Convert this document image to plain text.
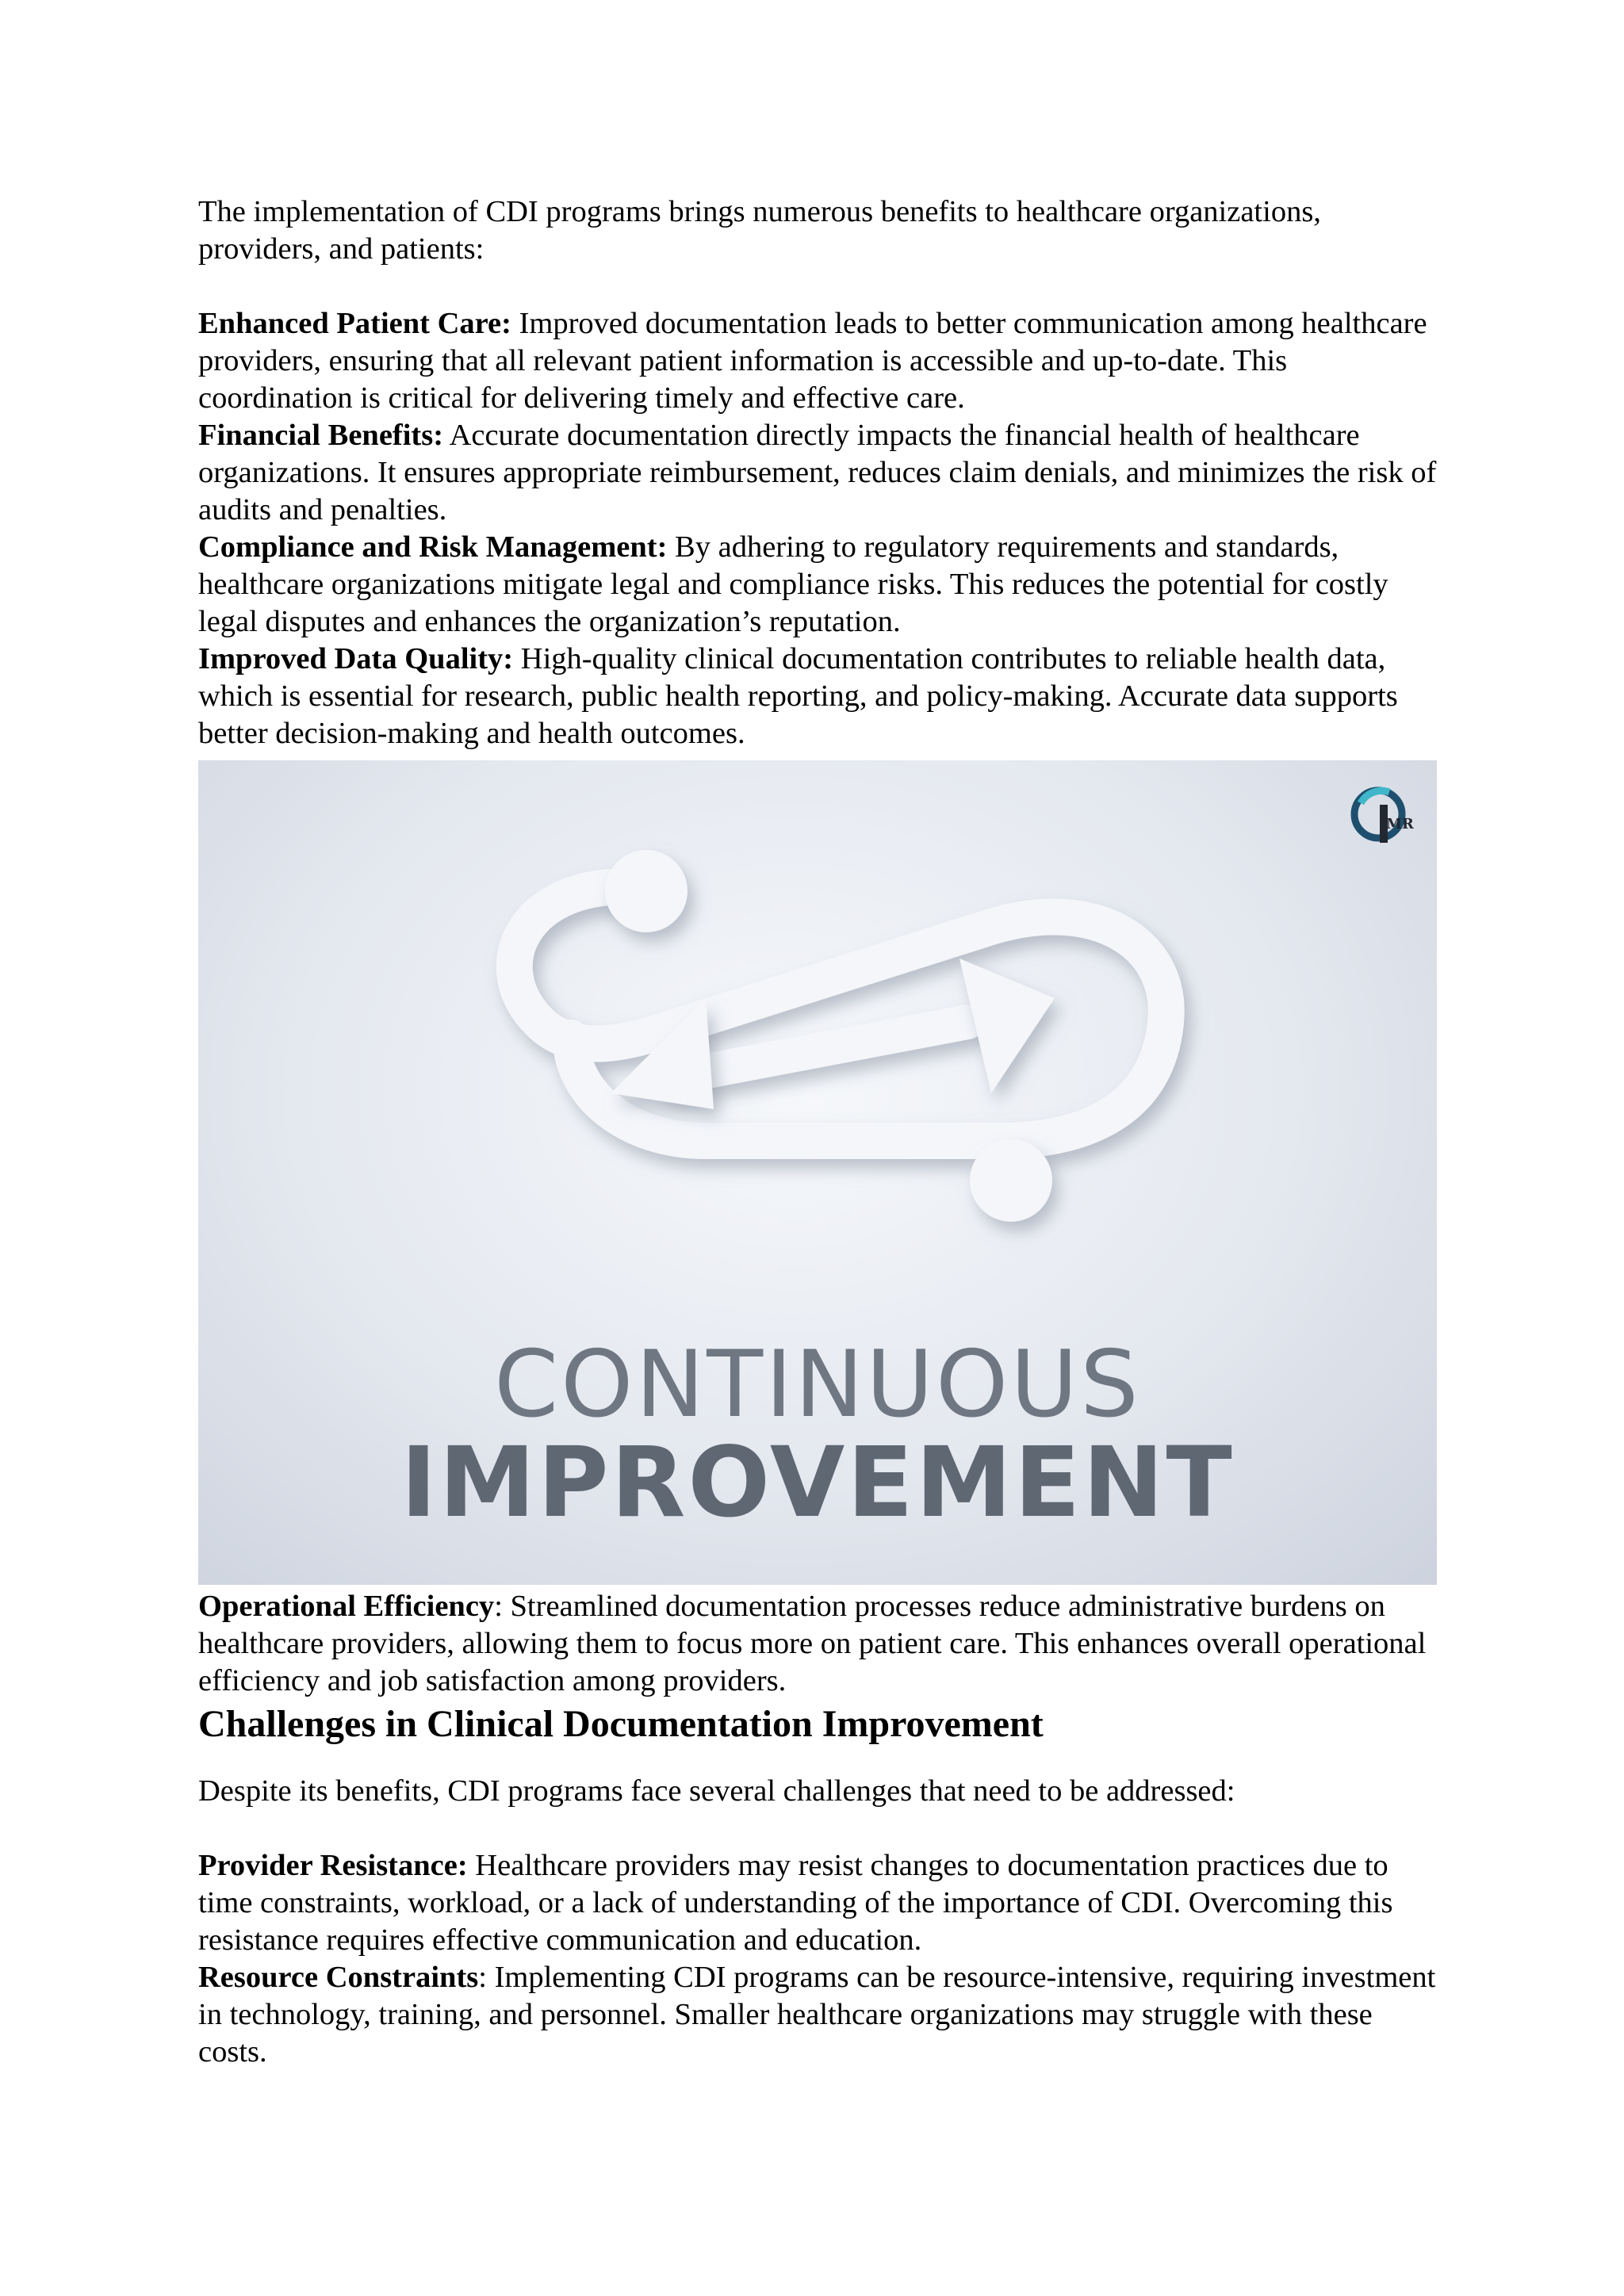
The implementation of CDI programs brings numerous benefits to healthcare organizations, providers, and patients:

Enhanced Patient Care: Improved documentation leads to better communication among healthcare providers, ensuring that all relevant patient information is accessible and up-to-date. This coordination is critical for delivering timely and effective care.

Financial Benefits: Accurate documentation directly impacts the financial health of healthcare organizations. It ensures appropriate reimbursement, reduces claim denials, and minimizes the risk of audits and penalties.

Compliance and Risk Management: By adhering to regulatory requirements and standards, healthcare organizations mitigate legal and compliance risks. This reduces the potential for costly legal disputes and enhances the organization’s reputation.

Improved Data Quality: High-quality clinical documentation contributes to reliable health data, which is essential for research, public health reporting, and policy-making. Accurate data supports better decision-making and health outcomes.

MR
CONTINUOUS
IMPROVEMENT

Operational Efficiency: Streamlined documentation processes reduce administrative burdens on healthcare providers, allowing them to focus more on patient care. This enhances overall operational efficiency and job satisfaction among providers.

Challenges in Clinical Documentation Improvement

Despite its benefits, CDI programs face several challenges that need to be addressed:

Provider Resistance: Healthcare providers may resist changes to documentation practices due to time constraints, workload, or a lack of understanding of the importance of CDI. Overcoming this resistance requires effective communication and education.

Resource Constraints: Implementing CDI programs can be resource-intensive, requiring investment in technology, training, and personnel. Smaller healthcare organizations may struggle with these costs.
